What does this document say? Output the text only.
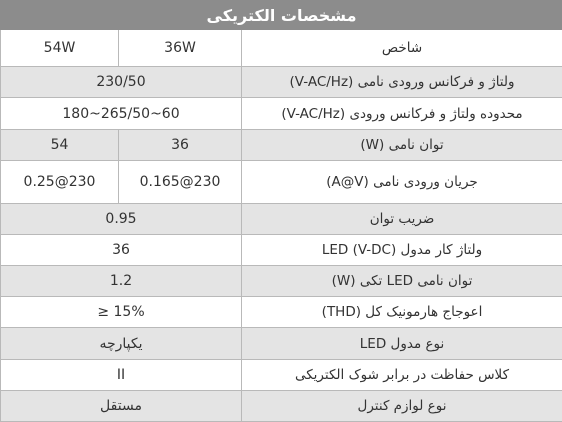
مشخصات الکتریکی		
54W	36W	شاخص
230/50		ولتاژ و فرکانس ورودی نامی (V-AC/Hz)
180~265/50~60		محدوده ولتاژ و فرکانس ورودی (V-AC/Hz)
54	36	توان نامی (W)
0.25@230	0.165@230	جریان ورودی نامی (A@V)
0.95		ضریب توان
36		ولتاژ کار مدول LED (V-DC)
1.2		توان نامی LED تکی (W)
≥ 15%		اعوجاج هارمونیک کل (THD)
یکپارچه		نوع مدول LED
II		کلاس حفاظت در برابر شوک الکتریکی
مستقل		نوع لوازم کنترل
